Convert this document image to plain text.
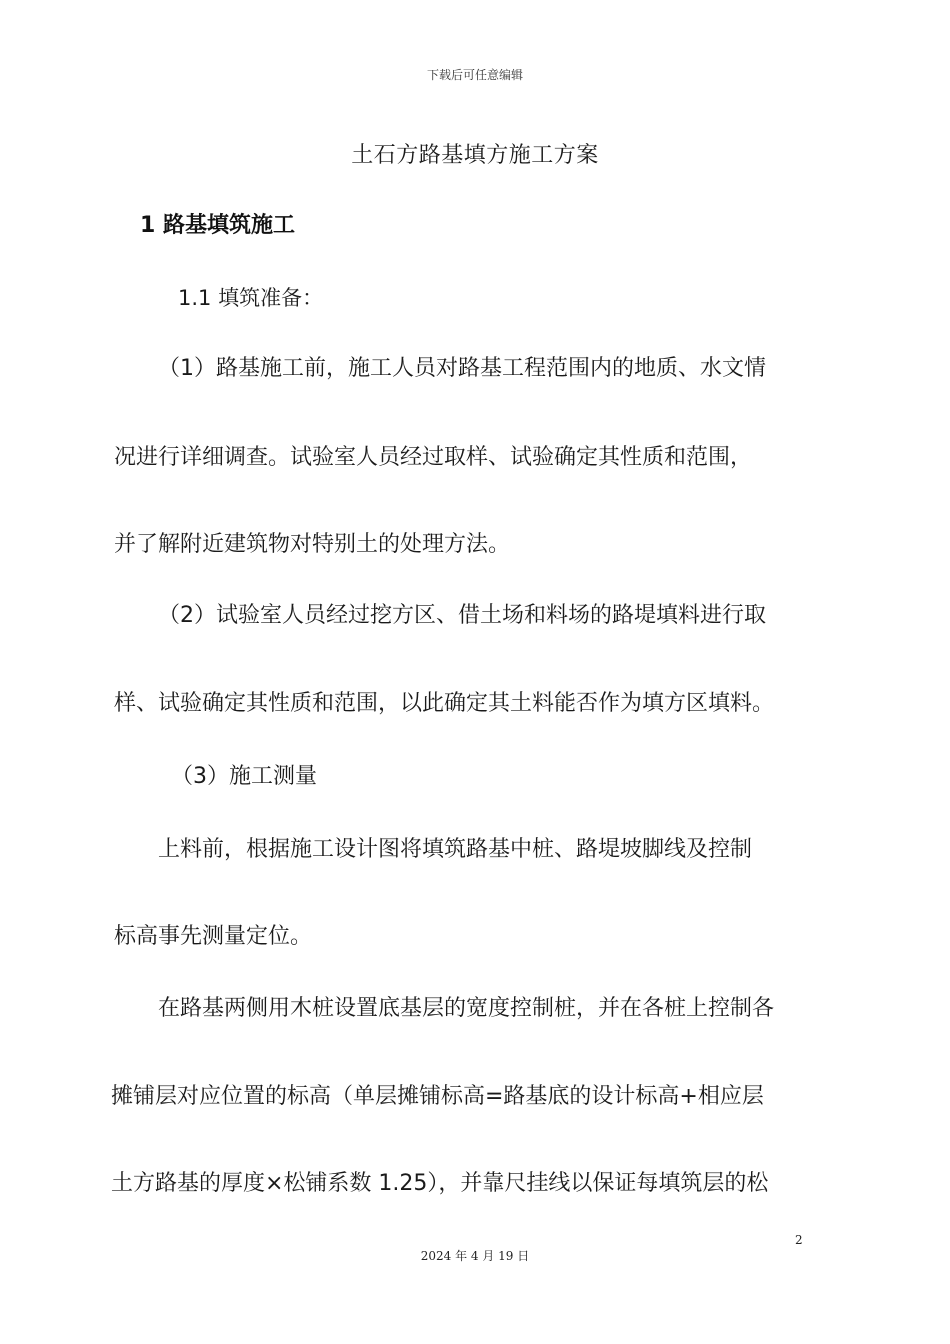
下载后可任意编辑
土石方路基填方施工方案
1 路基填筑施工
1.1 填筑准备：
（1）路基施工前，施工人员对路基工程范围内的地质、水文情
况进行详细调查。试验室人员经过取样、试验确定其性质和范围，
并了解附近建筑物对特别土的处理方法。
（2）试验室人员经过挖方区、借土场和料场的路堤填料进行取
样、试验确定其性质和范围，以此确定其土料能否作为填方区填料。
（3）施工测量
上料前，根据施工设计图将填筑路基中桩、路堤坡脚线及控制
标高事先测量定位。
在路基两侧用木桩设置底基层的宽度控制桩，并在各桩上控制各
摊铺层对应位置的标高（单层摊铺标高=路基底的设计标高+相应层
土方路基的厚度×松铺系数 1.25），并靠尺挂线以保证每填筑层的松
2
2024 年 4 月 19 日
